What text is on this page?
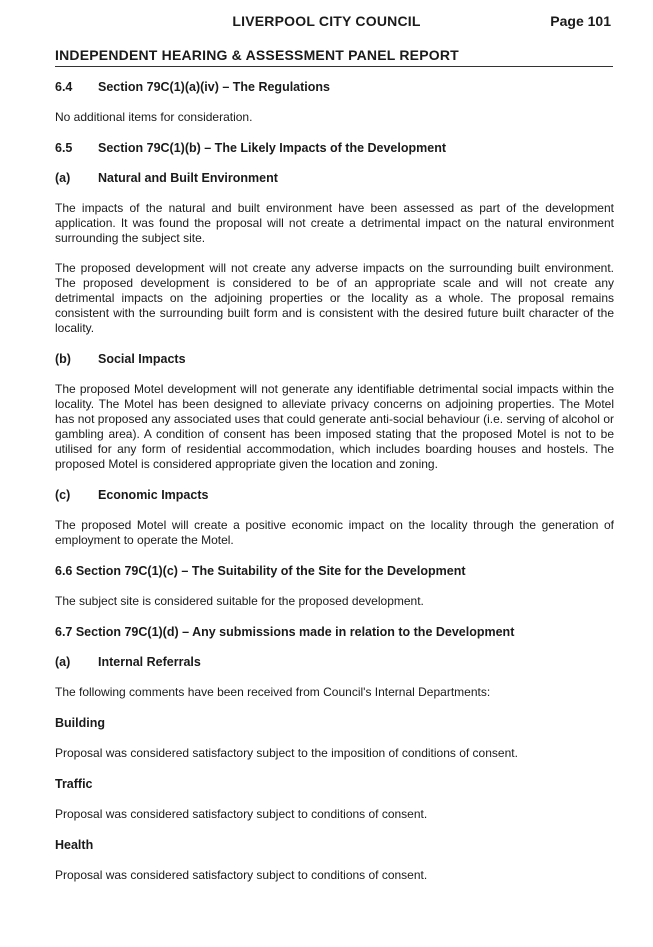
LIVERPOOL CITY COUNCIL	Page 101
INDEPENDENT HEARING & ASSESSMENT PANEL REPORT
6.4 Section 79C(1)(a)(iv) – The Regulations

No additional items for consideration.

6.5 Section 79C(1)(b) – The Likely Impacts of the Development
(a) Natural and Built Environment

The impacts of the natural and built environment have been assessed as part of the development application. It was found the proposal will not create a detrimental impact on the natural environment surrounding the subject site.

The proposed development will not create any adverse impacts on the surrounding built environment. The proposed development is considered to be of an appropriate scale and will not create any detrimental impacts on the adjoining properties or the locality as a whole. The proposal remains consistent with the surrounding built form and is consistent with the desired future built character of the locality.

(b) Social Impacts

The proposed Motel development will not generate any identifiable detrimental social impacts within the locality. The Motel has been designed to alleviate privacy concerns on adjoining properties. The Motel has not proposed any associated uses that could generate anti-social behaviour (i.e. serving of alcohol or gambling area). A condition of consent has been imposed stating that the proposed Motel is not to be utilised for any form of residential accommodation, which includes boarding houses and hostels. The proposed Motel is considered appropriate given the location and zoning.

(c) Economic Impacts

The proposed Motel will create a positive economic impact on the locality through the generation of employment to operate the Motel.

6.6 Section 79C(1)(c) – The Suitability of the Site for the Development

The subject site is considered suitable for the proposed development.

6.7 Section 79C(1)(d) – Any submissions made in relation to the Development
(a) Internal Referrals

The following comments have been received from Council's Internal Departments:

Building

Proposal was considered satisfactory subject to the imposition of conditions of consent.

Traffic

Proposal was considered satisfactory subject to conditions of consent.

Health

Proposal was considered satisfactory subject to conditions of consent.
